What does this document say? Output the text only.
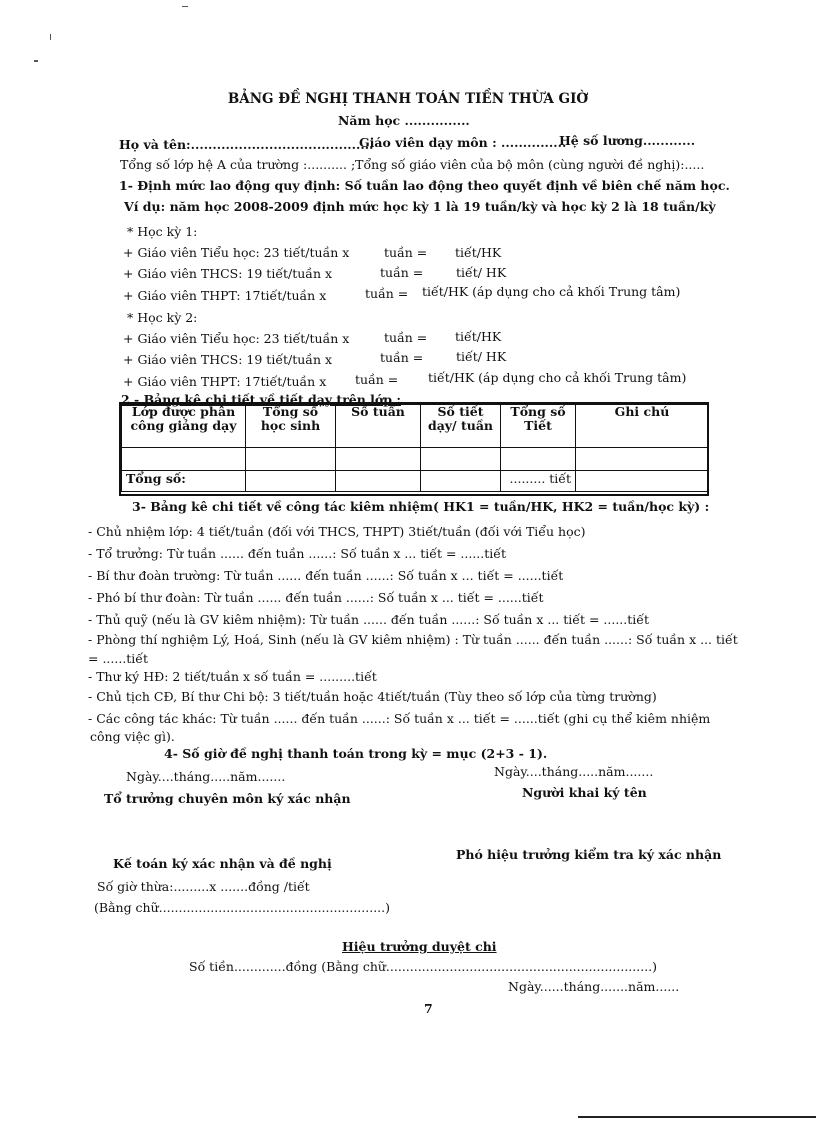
BẢNG ĐỀ NGHỊ THANH TOÁN TIỀN THỪA GIỜ
Năm học ...............
Họ và tên:..........................................
Giáo viên dạy môn : ...............
Hệ số lương............
Tổng số lớp hệ A của trường :.......... ;Tổng số giáo viên của bộ môn (cùng người đề nghị):.....
1- Định mức lao động quy định: Số tuần lao động theo quyết định về biên chế năm học.
Ví dụ: năm học 2008-2009 định mức học kỳ 1 là 19 tuần/kỳ và học kỳ 2 là 18 tuần/kỳ
* Học kỳ 1:
+ Giáo viên Tiểu học: 23 tiết/tuần x	tuần = tiết/HK
+ Giáo viên THCS: 19 tiết/tuần x	tuần =	tiết/ HK
+ Giáo viên THPT: 17tiết/tuần x	tuần = tiết/HK (áp dụng cho cả khối Trung tâm)
* Học kỳ 2:
+ Giáo viên Tiểu học: 23 tiết/tuần x	tuần = tiết/HK
+ Giáo viên THCS: 19 tiết/tuần x	tuần =	tiết/ HK
+ Giáo viên THPT: 17tiết/tuần x tuần = tiết/HK (áp dụng cho cả khối Trung tâm)
2 - Bảng kê chi tiết về tiết dạy trên lớp :
Lớp được phân công giảng dạy	Tổng số học sinh	Số tuần	Số tiết dạy/ tuần	Tổng số Tiết	Ghi chú

Tổng số:				......... tiết	
3- Bảng kê chi tiết về công tác kiêm nhiệm( HK1 = tuần/HK, HK2 = tuần/học kỳ) :
- Chủ nhiệm lớp: 4 tiết/tuần (đối với THCS, THPT) 3tiết/tuần (đối với Tiểu học)
- Tổ trưởng: Từ tuần ...... đến tuần ......: Số tuần x ... tiết = ......tiết
- Bí thư đoàn trường: Từ tuần ...... đến tuần ......: Số tuần x ... tiết = ......tiết
- Phó bí thư đoàn: Từ tuần ...... đến tuần ......: Số tuần x ... tiết = ......tiết
- Thủ quỹ (nếu là GV kiêm nhiệm): Từ tuần ...... đến tuần ......: Số tuần x ... tiết = ......tiết
- Phòng thí nghiệm Lý, Hoá, Sinh (nếu là GV kiêm nhiệm) : Từ tuần ...... đến tuần ......: Số tuần x ... tiết
= ......tiết
- Thư ký HĐ: 2 tiết/tuần x số tuần = .........tiết
- Chủ tịch CĐ, Bí thư Chi bộ: 3 tiết/tuần hoặc 4tiết/tuần (Tùy theo số lớp của từng trường)
- Các công tác khác: Từ tuần ...... đến tuần ......: Số tuần x ... tiết = ......tiết (ghi cụ thể kiêm nhiệm
công việc gì).
4- Số giờ đề nghị thanh toán trong kỳ = mục (2+3 - 1).
Ngày....tháng.....năm.......	Ngày....tháng.....năm.......
Tổ trưởng chuyên môn ký xác nhận	Người khai ký tên
Kế toán ký xác nhận và đề nghị
Phó hiệu trưởng kiểm tra ký xác nhận
Số giờ thừa:.........x .......đồng /tiết
(Bằng chữ.........................................................)
Hiệu trưởng duyệt chi
Số tiền.............đồng (Bằng chữ...................................................................)
Ngày......tháng.......năm......
7
